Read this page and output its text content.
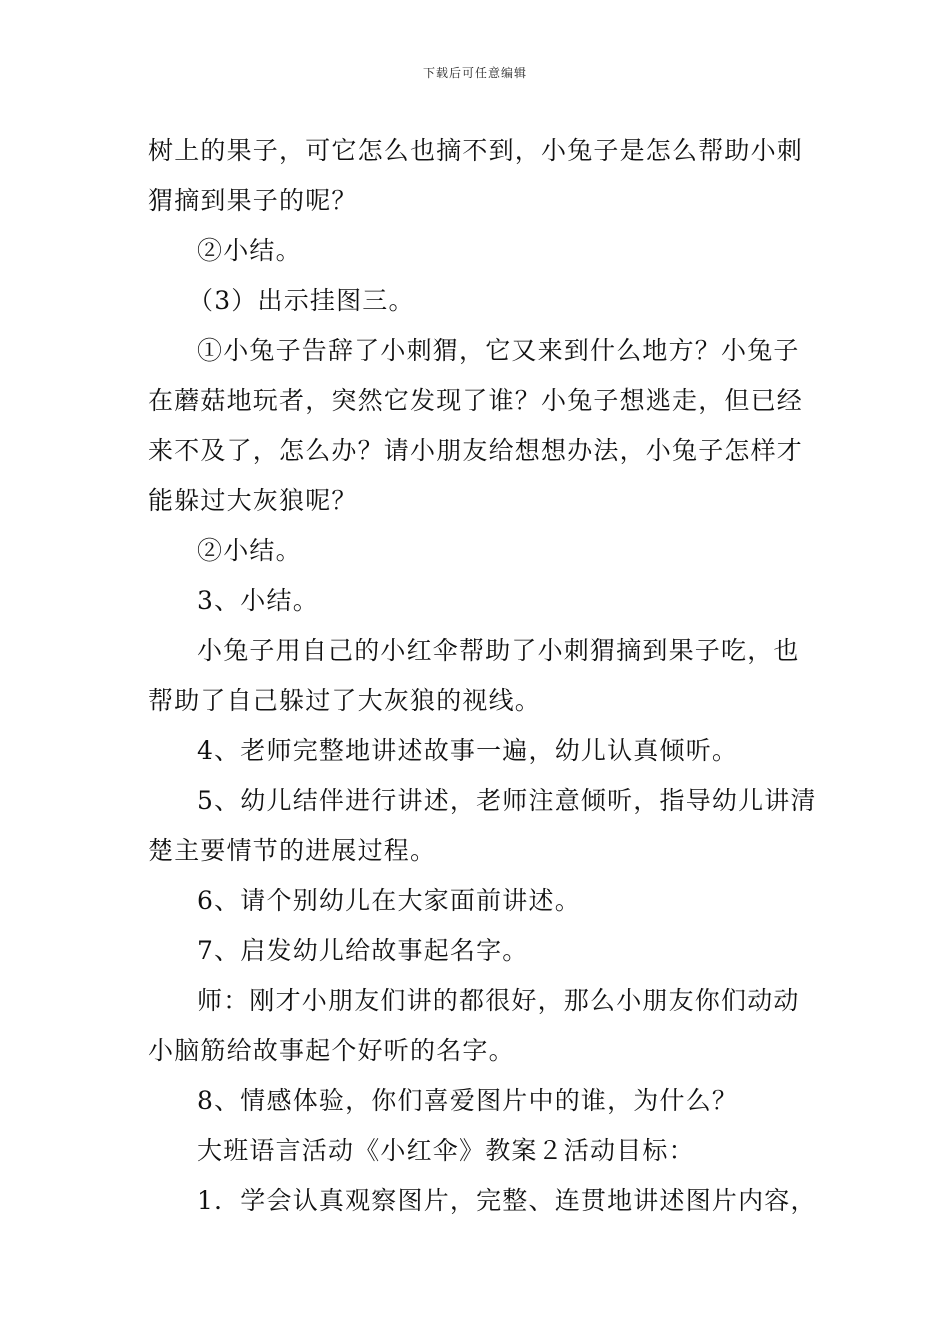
下载后可任意编辑
树上的果子，可它怎么也摘不到，小兔子是怎么帮助小刺
猬摘到果子的呢？
②小结。
（3）出示挂图三。
①小兔子告辞了小刺猬，它又来到什么地方？小兔子
在蘑菇地玩者，突然它发现了谁？小兔子想逃走，但已经
来不及了，怎么办？请小朋友给想想办法，小兔子怎样才
能躲过大灰狼呢？
②小结。
3、小结。
小兔子用自己的小红伞帮助了小刺猬摘到果子吃，也
帮助了自己躲过了大灰狼的视线。
4、老师完整地讲述故事一遍，幼儿认真倾听。
5、幼儿结伴进行讲述，老师注意倾听，指导幼儿讲清
楚主要情节的进展过程。
6、请个别幼儿在大家面前讲述。
7、启发幼儿给故事起名字。
师：刚才小朋友们讲的都很好，那么小朋友你们动动
小脑筋给故事起个好听的名字。
8、情感体验，你们喜爱图片中的谁，为什么？
大班语言活动《小红伞》教案２活动目标：
1．学会认真观察图片，完整、连贯地讲述图片内容，
